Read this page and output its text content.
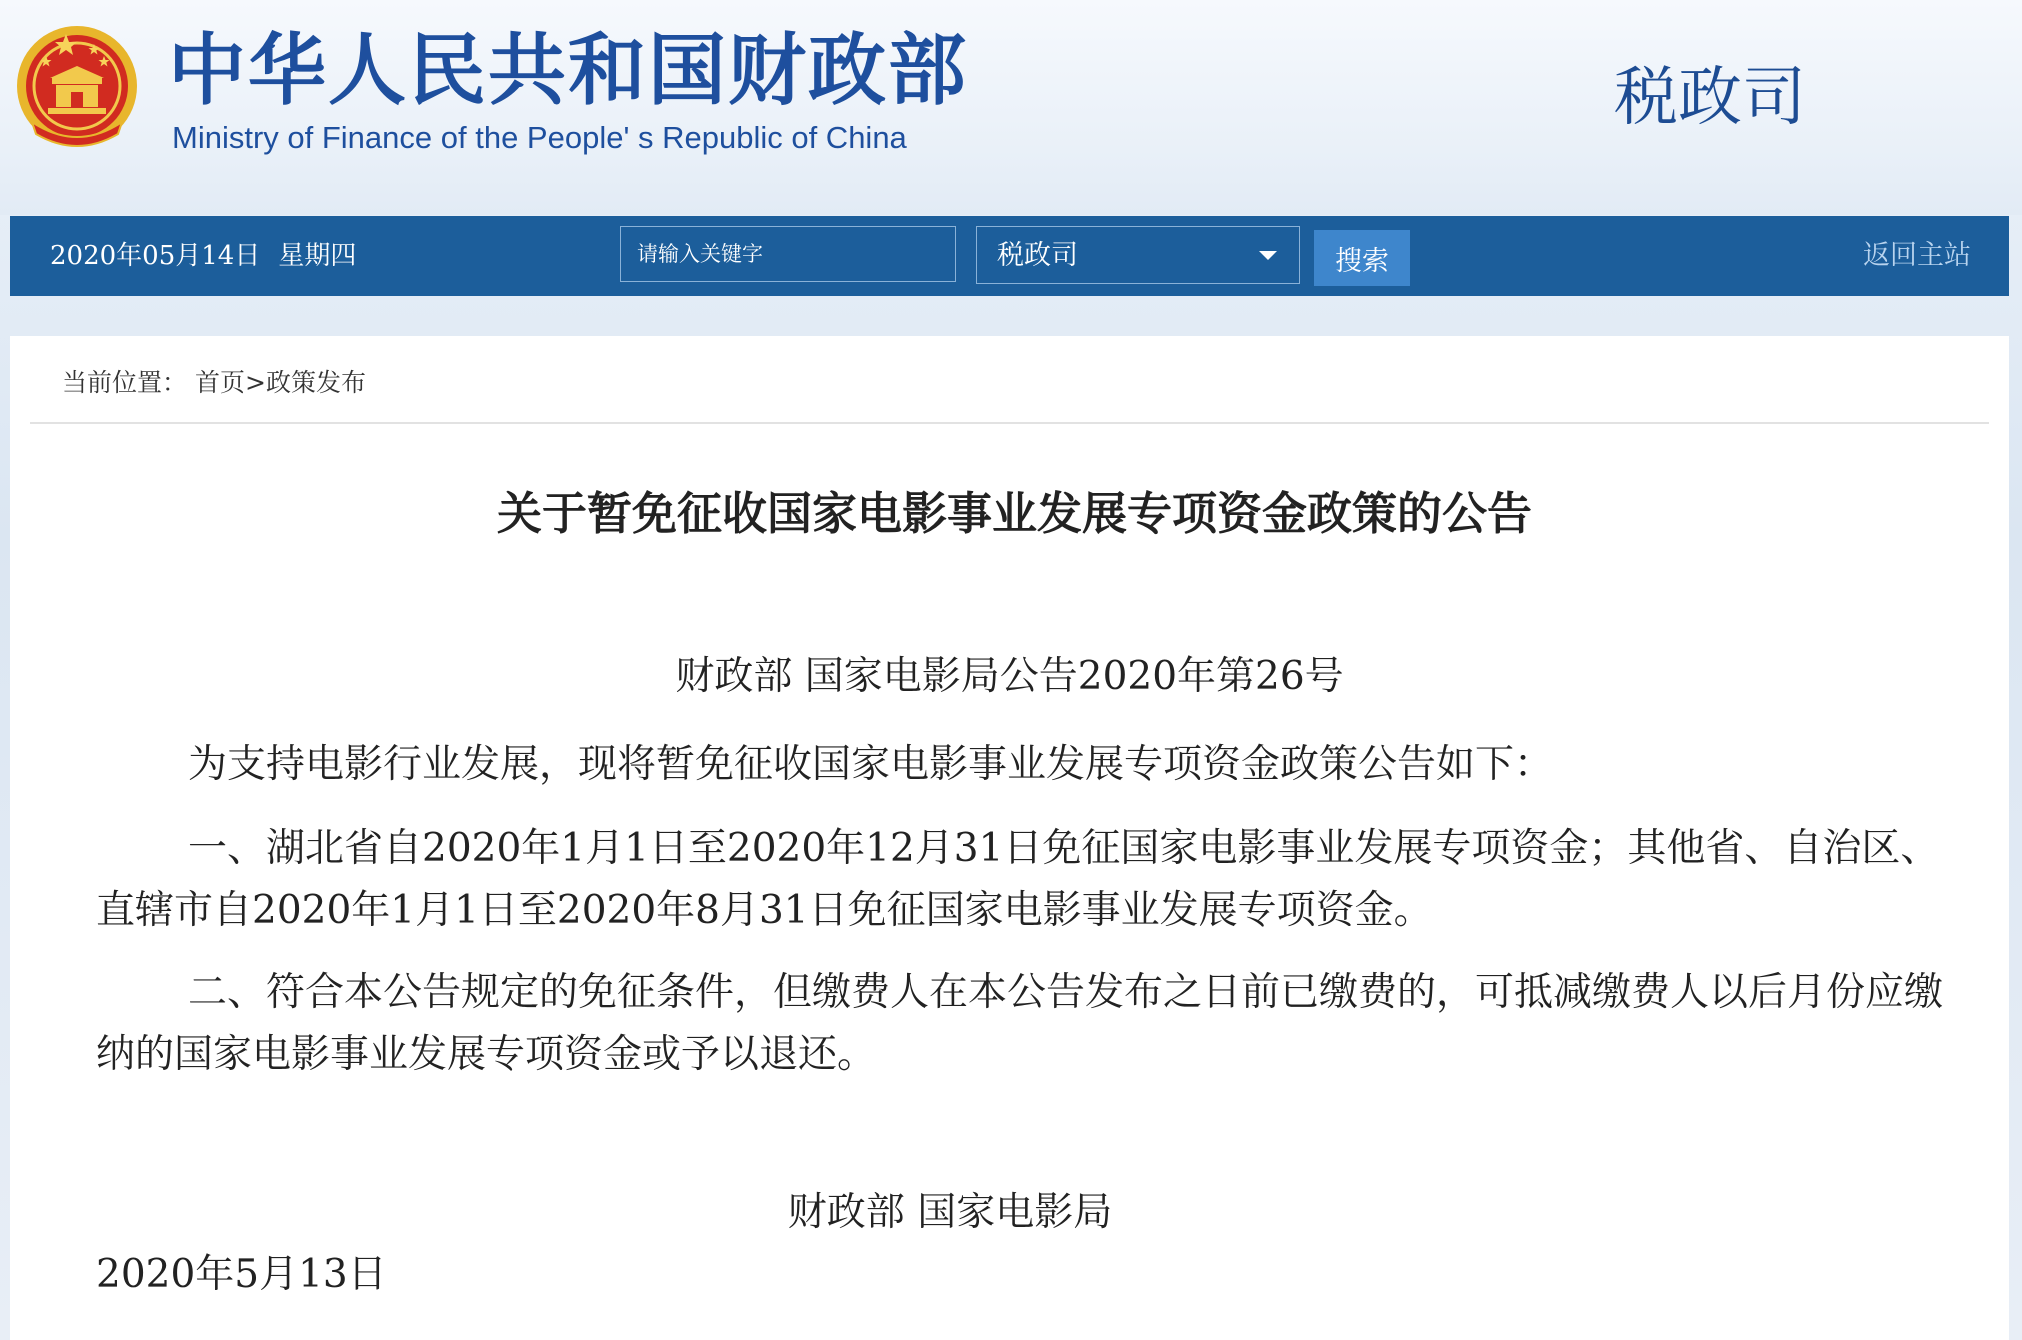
中华人民共和国财政部

Ministry of Finance of the People' s Republic of China

税政司

2020年05月14日 星期四
请输入关键字	税政司	搜索	返回主站
当前位置： 首页>政策发布
关于暂免征收国家电影事业发展专项资金政策的公告
财政部 国家电影局公告2020年第26号

为支持电影行业发展，现将暂免征收国家电影事业发展专项资金政策公告如下：

一、湖北省自2020年1月1日至2020年12月31日免征国家电影事业发展专项资金；其他省、自治区、直辖市自2020年1月1日至2020年8月31日免征国家电影事业发展专项资金。

二、符合本公告规定的免征条件，但缴费人在本公告发布之日前已缴费的，可抵减缴费人以后月份应缴纳的国家电影事业发展专项资金或予以退还。

财政部 国家电影局
2020年5月13日
